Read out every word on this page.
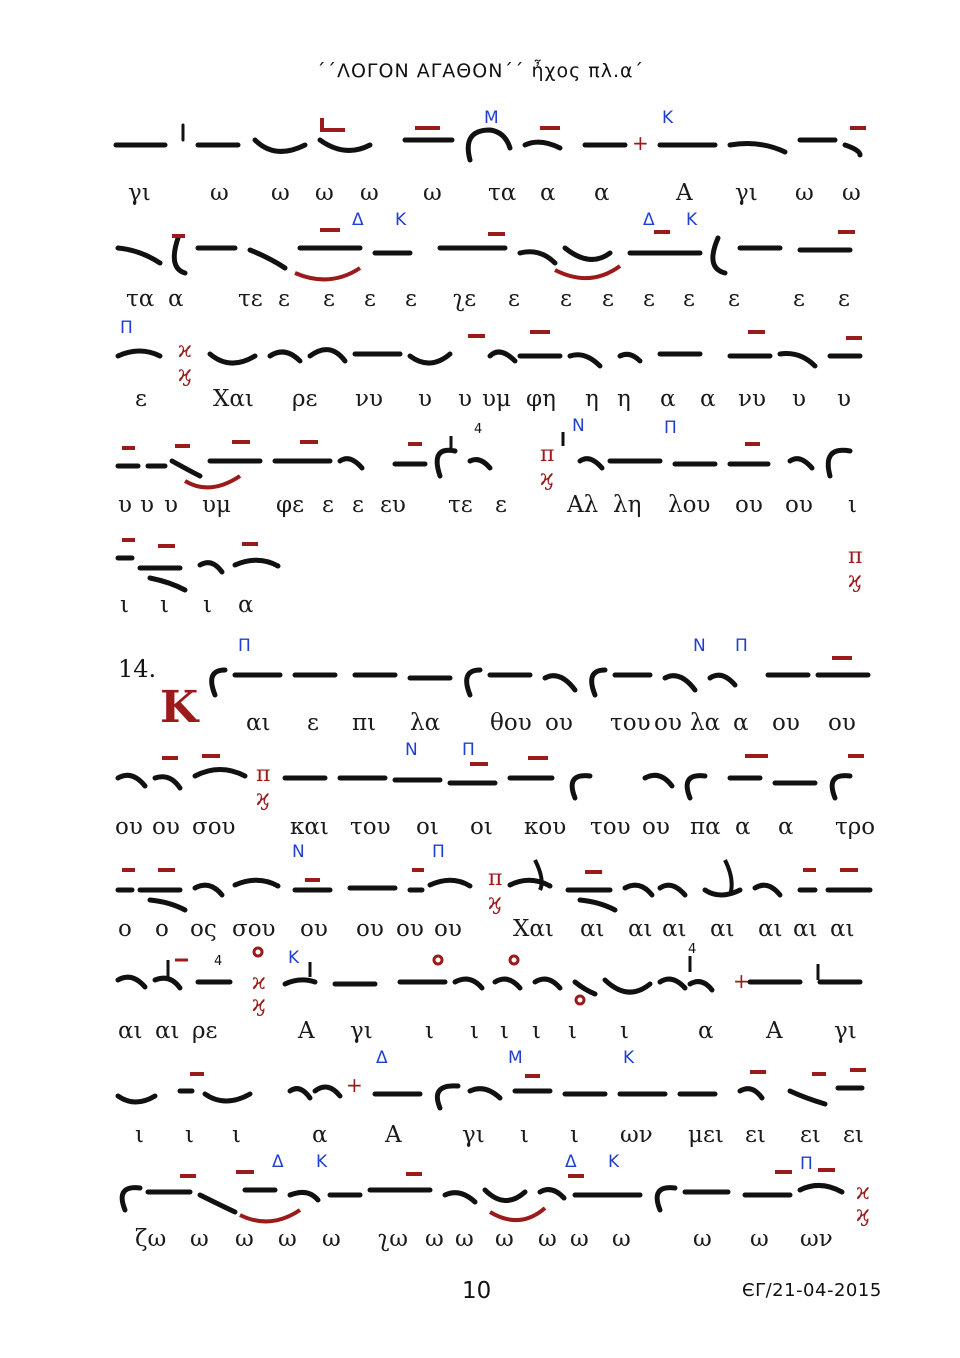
΄΄ΛΟΓΟΝ ΑΓΑΘΟΝ΄΄ ἦχος πλ.α΄
+
Μ	Κ
γι	ω ω ω ω ω τα α α	Α γι ω ω
Δ Κ	Δ Κ
τα α τε ε ε ε ε ʅε ε ε ε ε ε ε ε ε
Π
ϰ
ϗ
ε	Χαι ρε νυ υ υ υμ φη η η α α νυ υ υ
4	Ν	Π
π
ϗ
υ υ υ υμ φε ε ε ευ τε ε	Αλ λη λου ου ου ι
π
ϗ
ι ι ι α
14.
Κ
Π	Ν Π
αι ε πι λα θου ου του ου λα α ου ου
Ν	Π
π
ϗ
ου ου σου και του οι οι κου του ου πα α α τρο
Ν	Π
π
ϗ
ο ο ος σου ου ου ου ου Χαι αι αι αι αι αι αι αι
+
4	Κ	4
ϰ
ϗ
αι αι ρε	Α γι ι ι ι ι ι ι	α Α γι
+
Δ	Μ	Κ
ι ι ι	α Α	γι ι ι ων μει ει ει ει
Δ Κ	Δ Κ	Π
ϰ
ϗ
ζω ω ω ω ω ʅω ω ω ω ω ω ω	ω ω ων
10	ЄΓ/21-04-2015
